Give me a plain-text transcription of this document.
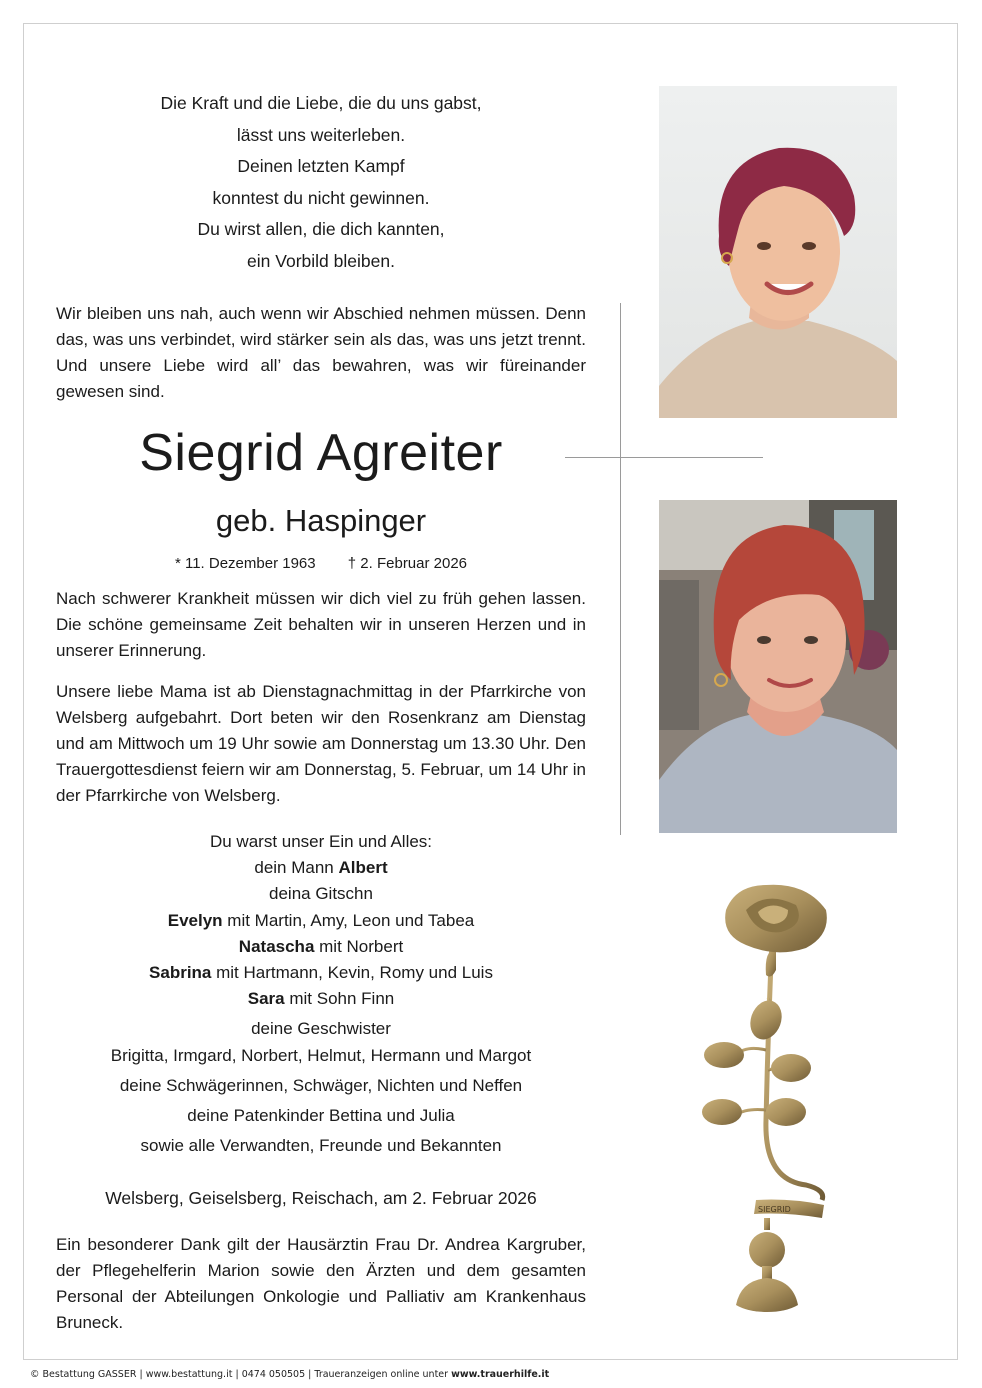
Die Kraft und die Liebe, die du uns gabst,
lässt uns weiterleben.
Deinen letzten Kampf
konntest du nicht gewinnen.
Du wirst allen, die dich kannten,
ein Vorbild bleiben.
Wir bleiben uns nah, auch wenn wir Abschied nehmen müssen. Denn das, was uns verbindet, wird stärker sein als das, was uns jetzt trennt. Und unsere Liebe wird all’ das bewahren, was wir füreinander gewesen sind.
Siegrid Agreiter
geb. Haspinger
* 11. Dezember 1963 † 2. Februar 2026
Nach schwerer Krankheit müssen wir dich viel zu früh gehen lassen. Die schöne gemeinsame Zeit behalten wir in unseren Herzen und in unserer Erinnerung.
Unsere liebe Mama ist ab Dienstagnachmittag in der Pfarrkirche von Welsberg aufgebahrt. Dort beten wir den Rosenkranz am Dienstag und am Mittwoch um 19 Uhr sowie am Donnerstag um 13.30 Uhr. Den Trauergottesdienst feiern wir am Donnerstag, 5. Februar, um 14 Uhr in der Pfarrkirche von Welsberg.
Du warst unser Ein und Alles:
dein Mann Albert
deina Gitschn
Evelyn mit Martin, Amy, Leon und Tabea
Natascha mit Norbert
Sabrina mit Hartmann, Kevin, Romy und Luis
Sara mit Sohn Finn
deine Geschwister
Brigitta, Irmgard, Norbert, Helmut, Hermann und Margot
deine Schwägerinnen, Schwäger, Nichten und Neffen
deine Patenkinder Bettina und Julia
sowie alle Verwandten, Freunde und Bekannten
Welsberg, Geiselsberg, Reischach, am 2. Februar 2026
Ein besonderer Dank gilt der Hausärztin Frau Dr. Andrea Kargruber, der Pflegehelferin Marion sowie den Ärzten und dem gesamten Personal der Abteilungen Onkologie und Palliativ am Krankenhaus Bruneck.
SIEGRID
© Bestattung GASSER | www.bestattung.it | 0474 050505 | Traueranzeigen online unter www.trauerhilfe.it
